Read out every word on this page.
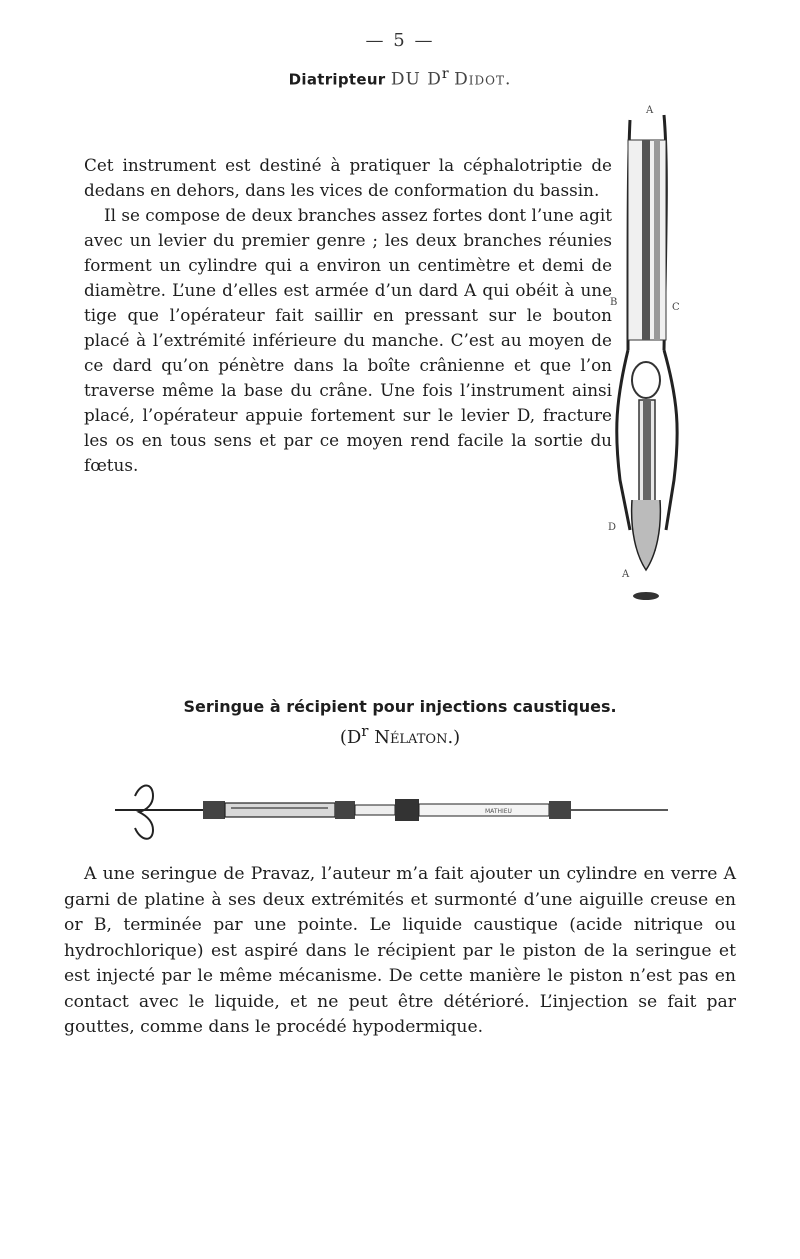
— 5 —
Diatripteur DU $D^r$ Didot.

Cet instrument est destiné à pratiquer la céphalotriptie de dedans en dehors, dans les vices de conformation du bassin.

Il se compose de deux branches assez fortes dont l’une agit avec un levier du premier genre ; les deux branches réunies forment un cylindre qui a environ un centimètre et demi de diamètre. L’une d’elles est armée d’un dard A qui obéit à une tige que l’opérateur fait saillir en pressant sur le bouton placé à l’extrémité inférieure du manche. C’est au moyen de ce dard qu’on pénètre dans la boîte crânienne et que l’on traverse même la base du crâne. Une fois l’instrument ainsi placé, l’opérateur appuie fortement sur le levier D, fracture les os en tous sens et par ce moyen rend facile la sortie du fœtus.

A
B	C
D
A
Seringue à récipient pour injections caustiques.
($D^r$ Nélaton.)
MATHIEU

A une seringue de Pravaz, l’auteur m’a fait ajouter un cylindre en verre A garni de platine à ses deux extrémités et surmonté d’une aiguille creuse en or B, terminée par une pointe. Le liquide caustique (acide nitrique ou hydrochlorique) est aspiré dans le récipient par le piston de la seringue et est injecté par le même mécanisme. De cette manière le piston n’est pas en contact avec le liquide, et ne peut être détérioré. L’injection se fait par gouttes, comme dans le procédé hypodermique.
